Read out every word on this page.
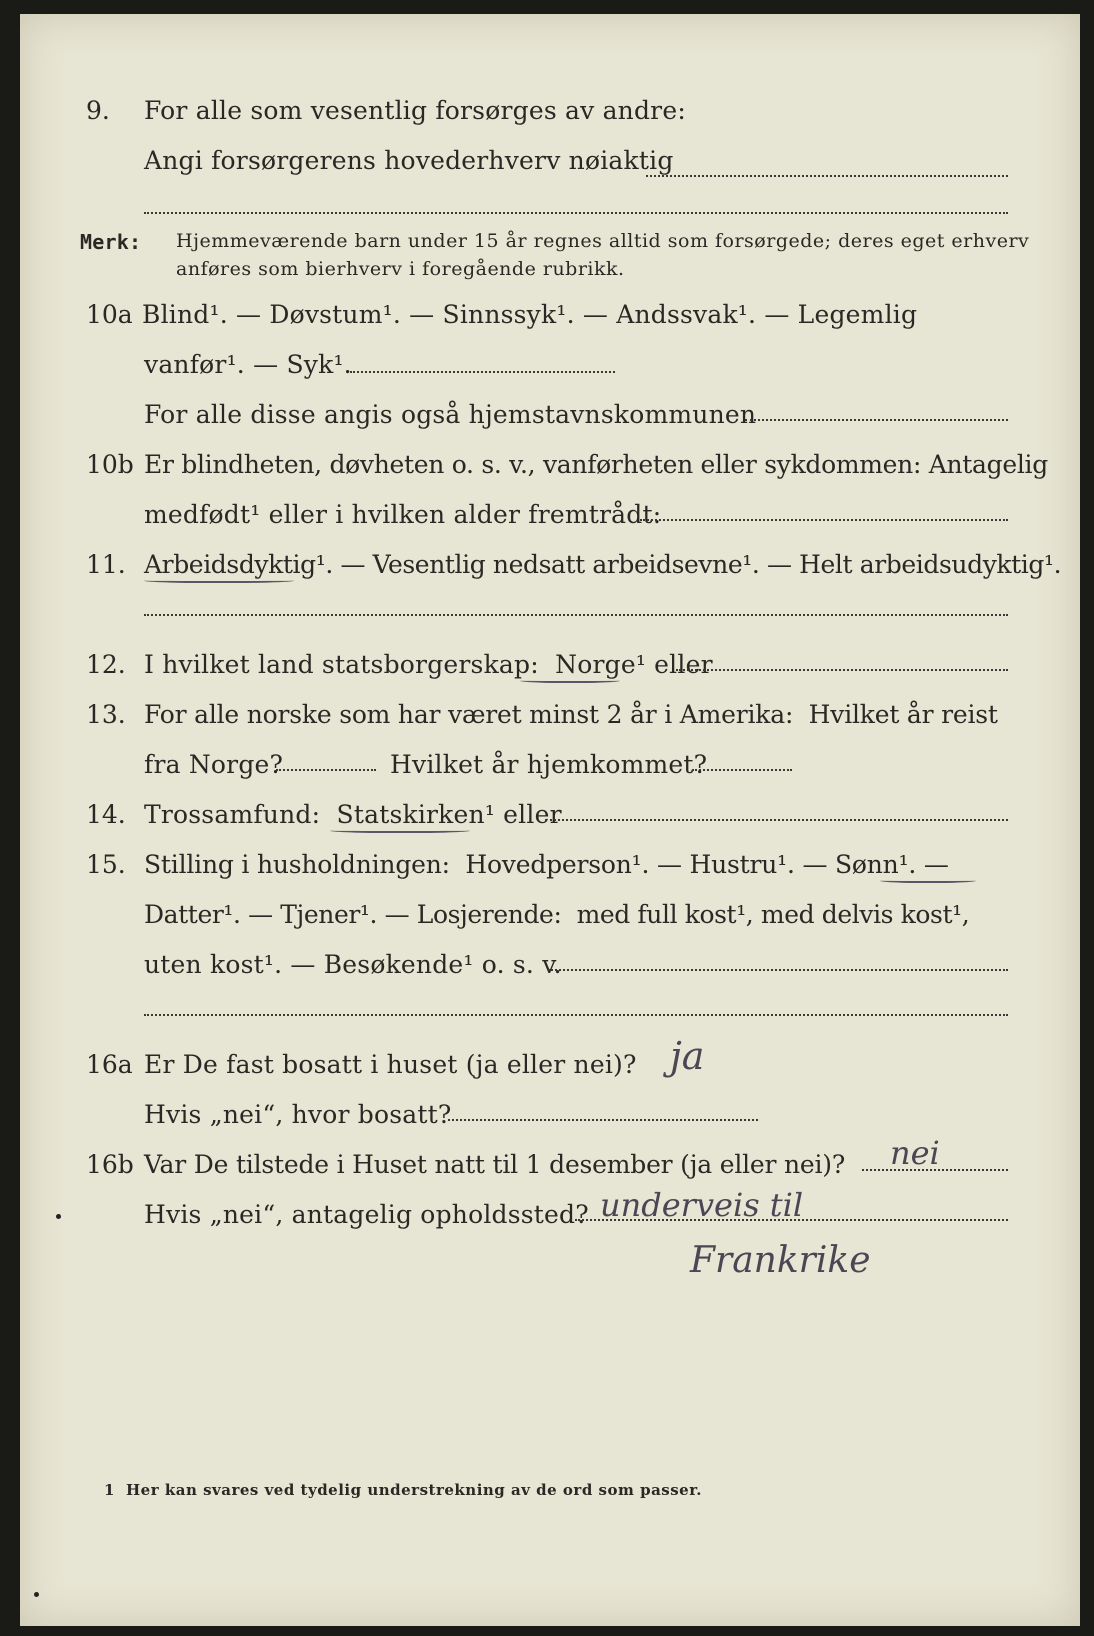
9. For alle som vesentlig forsørges av andre:
Angi forsørgerens hovederhverv nøiaktig
Merk: Hjemmeværende barn under 15 år regnes alltid som forsørgede; deres eget erhverv
anføres som bierhverv i foregående rubrikk.
10a Blind¹. — Døvstum¹. — Sinnssyk¹. — Andssvak¹. — Legemlig
vanfør¹. — Syk¹.
For alle disse angis også hjemstavnskommunen
10b Er blindheten, døvheten o. s. v., vanførheten eller sykdommen: Antagelig
medfødt¹ eller i hvilken alder fremtrådt:
11. Arbeidsdyktig¹. — Vesentlig nedsatt arbeidsevne¹. — Helt arbeidsudyktig¹.
12. I hvilket land statsborgerskap:  Norge¹ eller
13. For alle norske som har været minst 2 år i Amerika:  Hvilket år reist
fra Norge?	Hvilket år hjemkommet?
14. Trossamfund:  Statskirken¹ eller
15. Stilling i husholdningen:  Hovedperson¹. — Hustru¹. — Sønn¹. —
Datter¹. — Tjener¹. — Losjerende:  med full kost¹, med delvis kost¹,
uten kost¹. — Besøkende¹ o. s. v.
16a Er De fast bosatt i huset (ja eller nei)? ja
Hvis „nei“, hvor bosatt?
16b Var De tilstede i Huset natt til 1 desember (ja eller nei)? nei
Hvis „nei“, antagelig opholdssted? underveis til
Frankrike
1 Her kan svares ved tydelig understrekning av de ord som passer.
